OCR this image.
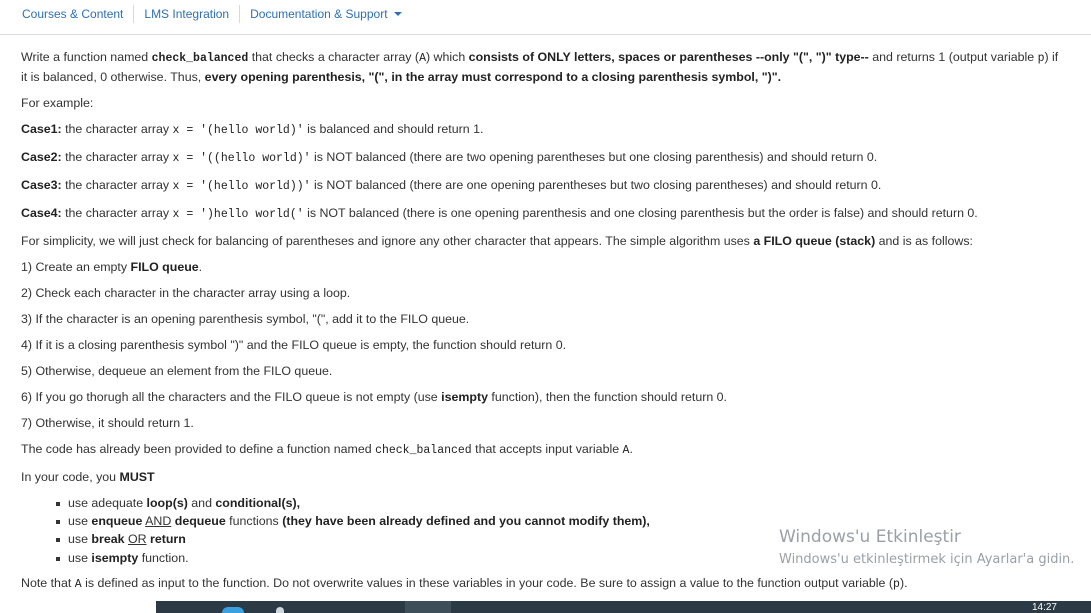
Courses & Content	LMS Integration	Documentation & Support

Write a function named check_balanced that checks a character array (A) which consists of ONLY letters, spaces or parentheses --only "(", ")" type-- and returns 1 (output variable p) if it is balanced, 0 otherwise. Thus, every opening parenthesis, "(", in the array must correspond to a closing parenthesis symbol, ")".

For example:

Case1: the character array x = '(hello world)' is balanced and should return 1.

Case2: the character array x = '((hello world)' is NOT balanced (there are two opening parentheses but one closing parenthesis) and should return 0.

Case3: the character array x = '(hello world))' is NOT balanced (there are one opening parentheses but two closing parentheses) and should return 0.

Case4: the character array x = ')hello world(' is NOT balanced (there is one opening parenthesis and one closing parenthesis but the order is false) and should return 0.

For simplicity, we will just check for balancing of parentheses and ignore any other character that appears. The simple algorithm uses a FILO queue (stack) and is as follows:

1) Create an empty FILO queue.

2) Check each character in the character array using a loop.

3) If the character is an opening parenthesis symbol, "(", add it to the FILO queue.

4) If it is a closing parenthesis symbol ")" and the FILO queue is empty, the function should return 0.

5) Otherwise, dequeue an element from the FILO queue.

6) If you go thorugh all the characters and the FILO queue is not empty (use isempty function), then the function should return 0.

7) Otherwise, it should return 1.

The code has already been provided to define a function named check_balanced that accepts input variable A.

In your code, you MUST

use adequate loop(s) and conditional(s),
use enqueue AND dequeue functions (they have been already defined and you cannot modify them),
use break OR return
use isempty function.
Windows'u Etkinleştir
Windows'u etkinleştirmek için Ayarlar'a gidin.
Note that A is defined as input to the function. Do not overwrite values in these variables in your code. Be sure to assign a value to the function output variable (p).
14:27
